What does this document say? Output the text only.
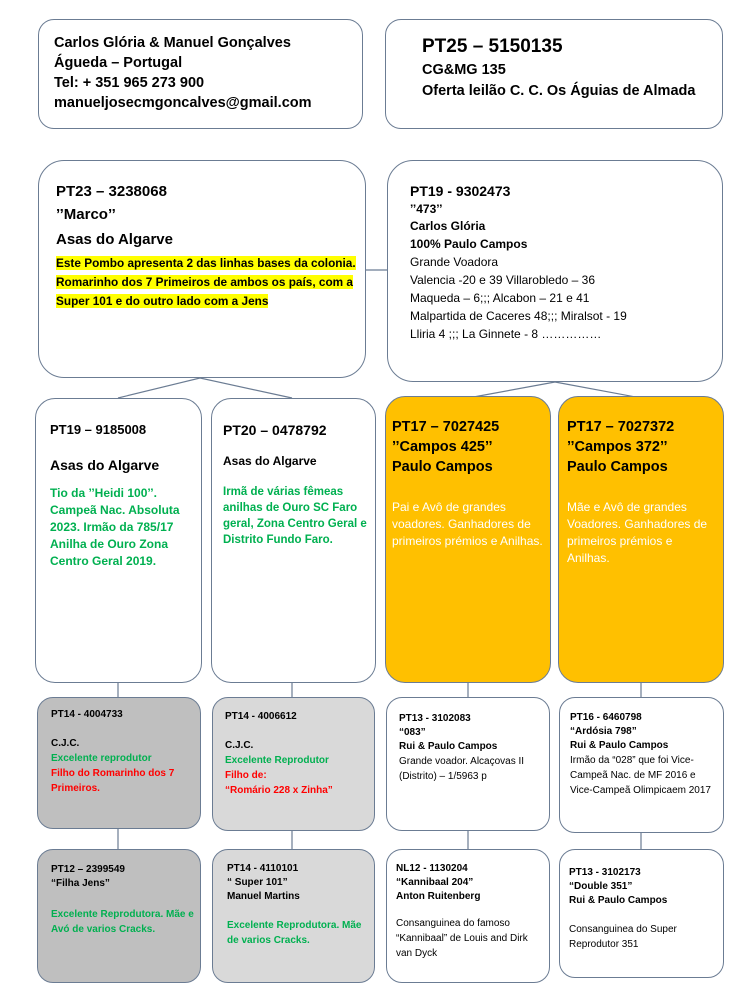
Carlos Glória & Manuel Gonçalves
Águeda – Portugal
Tel: + 351 965 273 900
manueljosecmgoncalves@gmail.com
PT25 – 5150135
CG&MG 135
Oferta leilão C. C. Os Águias de Almada
PT23 – 3238068
’’Marco’’
Asas do Algarve
Este Pombo apresenta 2 das linhas bases da colonia.
Romarinho dos 7 Primeiros de ambos os país, com a Super 101 e do outro lado com a Jens
PT19 - 9302473
’’473’’
Carlos Glória
100% Paulo Campos
Grande Voadora
Valencia -20 e 39 Villarobledo – 36
Maqueda – 6;;; Alcabon – 21 e 41
Malpartida de Caceres 48;;; Miralsot - 19
Lliria 4 ;;; La Ginnete - 8 ……………
PT19 – 9185008
Asas do Algarve
Tio da ’’Heidi 100’’. Campeã Nac. Absoluta 2023. Irmão da 785/17 Anilha de Ouro Zona Centro Geral 2019.
PT20 – 0478792
Asas do Algarve
Irmã de várias fêmeas anilhas de Ouro SC Faro geral, Zona Centro Geral e Distrito Fundo Faro.
PT17 – 7027425
’’Campos 425’’
Paulo Campos
Pai e Avô de grandes voadores. Ganhadores de primeiros prémios e Anilhas.
PT17 – 7027372
’’Campos 372’’
Paulo Campos
Mãe e Avô de grandes Voadores. Ganhadores de primeiros prémios e Anilhas.
PT14 - 4004733
C.J.C.
Excelente reprodutor
Filho do Romarinho dos 7 Primeiros.
PT14 - 4006612
C.J.C.
Excelente Reprodutor
Filho de:
“Romário 228 x Zinha”
PT13 - 3102083
“083”
Rui & Paulo Campos
Grande voador. Alcaçovas II (Distrito) – 1/5963 p
PT16 - 6460798
“Ardósia 798”
Rui & Paulo Campos
Irmão da “028” que foi Vice- Campeã Nac. de MF 2016 e Vice-Campeã Olimpicaem 2017
PT12 – 2399549
“Filha Jens”
Excelente Reprodutora. Mãe e Avó de varios Cracks.
PT14 - 4110101
“ Super 101”
Manuel Martins
Excelente Reprodutora. Mãe de varios Cracks.
NL12 - 1130204
“Kannibaal 204”
Anton Ruitenberg
Consanguinea do famoso “Kannibaal” de Louis and Dirk van Dyck
PT13 - 3102173
“Double 351”
Rui & Paulo Campos
Consanguinea do Super Reprodutor 351
